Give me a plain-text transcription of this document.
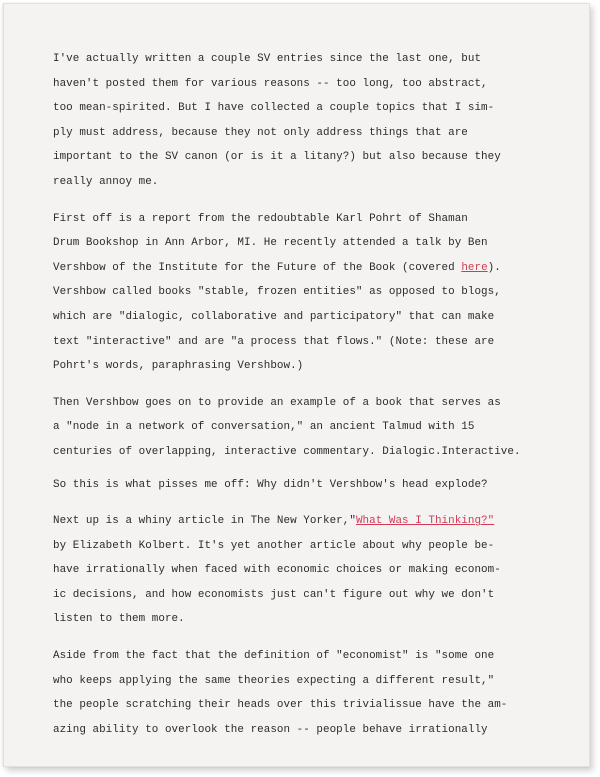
I've actually written a couple SV entries since the last one, but
haven't posted them for various reasons -- too long, too abstract,
too mean-spirited. But I have collected a couple topics that I sim-
ply must address, because they not only address things that are
important to the SV canon (or is it a litany?) but also because they
really annoy me.
First off is a report from the redoubtable Karl Pohrt of Shaman
Drum Bookshop in Ann Arbor, MI. He recently attended a talk by Ben
Vershbow of the Institute for the Future of the Book (covered here).
Vershbow called books "stable, frozen entities" as opposed to blogs,
which are "dialogic, collaborative and participatory" that can make
text "interactive" and are "a process that flows." (Note: these are
Pohrt's words, paraphrasing Vershbow.)
Then Vershbow goes on to provide an example of a book that serves as
a "node in a network of conversation," an ancient Talmud with 15
centuries of overlapping, interactive commentary. Dialogic.Interactive.
So this is what pisses me off: Why didn't Vershbow's head explode?
Next up is a whiny article in The New Yorker,"What Was I Thinking?"
by Elizabeth Kolbert. It's yet another article about why people be-
have irrationally when faced with economic choices or making econom-
ic decisions, and how economists just can't figure out why we don't
listen to them more.
Aside from the fact that the definition of "economist" is "some one
who keeps applying the same theories expecting a different result,"
the people scratching their heads over this trivialissue have the am-
azing ability to overlook the reason -- people behave irrationally
